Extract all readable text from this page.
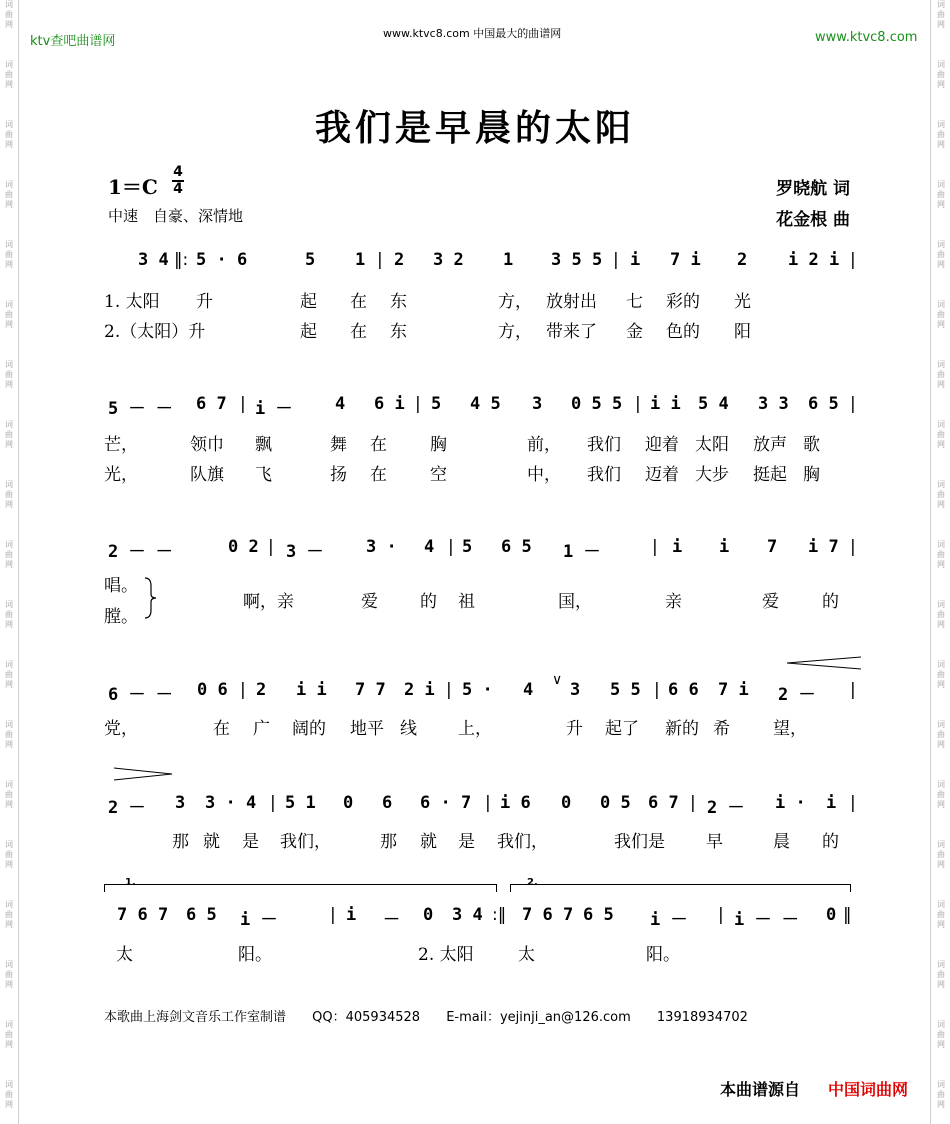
词
曲
网
词
曲
网
词
曲
网
词
曲
网
词
曲
网
词
曲
网
词
曲
网
词
曲
网
词
曲
网
词
曲
网
词
曲
网
词
曲
网
词
曲
网
词
曲
网
词
曲
网
词
曲
网
词
曲
网
词
曲
网
词
曲
网
词
曲
网
词
曲
网
词
曲
网
词
曲
网
词
曲
网
词
曲
网
词
曲
网
词
曲
网
词
曲
网
词
曲
网
词
曲
网
词
曲
网
词
曲
网
词
曲
网
词
曲
网
词
曲
网
词
曲
网
词
曲
网
词
曲
网
ktv查吧曲谱网
www.ktvc8.com 中国最大的曲谱网	www.ktvc8.com
我们是早晨的太阳
1＝C
4
4
中速　自豪、深情地
罗晓航 词
花金根 曲
3 4 ‖: 5 · 6	5 1 | 2 3 2 1 3 5 5 | i 7 i 2 i 2 i |
1. 太阳 升	起 在 东	方， 放射出 七 彩的 光
2.（太阳）升	起 在 东	方， 带来了 金 色的 阳
5 － － 6 7 | i －	4 6 i | 5 4 5 3 0 5 5 | i i 5 4 3 3 6 5 |
芒，	领巾 飘	舞 在	胸	前， 我们 迎着 太阳 放声 歌
光，	队旗 飞	扬 在	空	中， 我们 迈着 大步 挺起 胸
2 － －	0 2 | 3 －	3 · 4 | 5 6 5 1 －	| i i 7 i 7 |
唱。
啊，亲	爱 的 祖	国，	亲	爱	的
膛。
6 － － 0 6 | 2 i i 7 7 2 i | 5 · 4 ∨ 3 5 5 | 6 6 7 i 2 － |
党，	在 广 阔的 地平 线 上，	升 起了 新的 希	望，
2 － 3 3 · 4 | 5 1 0 6 6 · 7 | i 6 0 0 5 6 7 | 2 － i · i |
那 就 是 我们，	那 就 是 我们，	我们是 早	晨 的
1.	2.
7 6 7 6 5 i －	| i － 0 3 4 :‖ 7 6 7 6 5 i － | i － － 0 ‖
太	阳。	2. 太阳	太	阳。
本歌曲上海剑文音乐工作室制谱 QQ：405934528 E-mail：yejinji_an@126.com 13918934702
本曲谱源自 中国词曲网
